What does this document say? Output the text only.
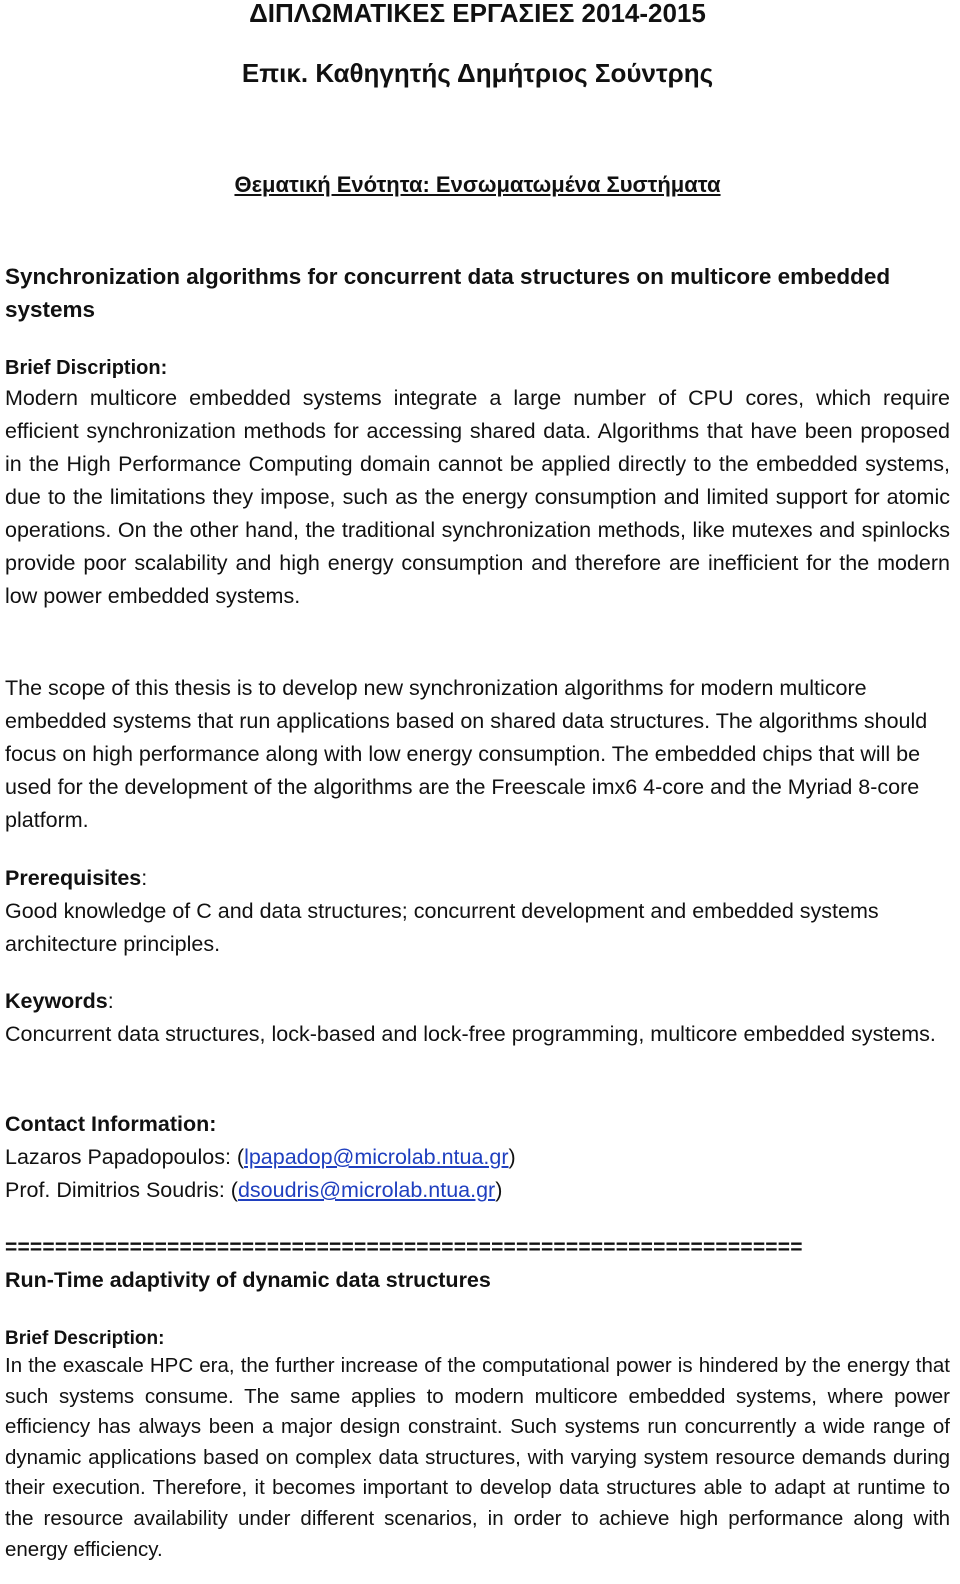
ΔΙΠΛΩΜΑΤΙΚΕΣ ΕΡΓΑΣΙΕΣ 2014-2015
Επικ. Καθηγητής Δημήτριος Σούντρης
Θεματική Ενότητα: Ενσωματωμένα Συστήματα
Synchronization algorithms for concurrent data structures on multicore embedded systems
Brief Discription:
Modern multicore embedded systems integrate a large number of CPU cores, which require efficient synchronization methods for accessing shared data. Algorithms that have been proposed in the High Performance Computing domain cannot be applied directly to the embedded systems, due to the limitations they impose, such as the energy consumption and limited support for atomic operations. On the other hand, the traditional synchronization methods, like mutexes and spinlocks provide poor scalability and high energy consumption and therefore are inefficient for the modern low power embedded systems.
The scope of this thesis is to develop new synchronization algorithms for modern multicore embedded systems that run applications based on shared data structures. The algorithms should focus on high performance along with low energy consumption. The embedded chips that will be used for the development of the algorithms are the Freescale imx6 4-core and the Myriad 8-core platform.
Prerequisites:
Good knowledge of C and data structures; concurrent development and embedded systems architecture principles.
Keywords:
Concurrent data structures, lock-based and lock-free programming, multicore embedded systems.
Contact Information:
Lazaros Papadopoulos: (lpapadop@microlab.ntua.gr)
Prof. Dimitrios Soudris: (dsoudris@microlab.ntua.gr)
================================================================
Run-Time adaptivity of dynamic data structures
Brief Description:
In the exascale HPC era, the further increase of the computational power is hindered by the energy that such systems consume. The same applies to modern multicore embedded systems, where power efficiency has always been a major design constraint. Such systems run concurrently a wide range of dynamic applications based on complex data structures, with varying system resource demands during their execution. Therefore, it becomes important to develop data structures able to adapt at runtime to the resource availability under different scenarios, in order to achieve high performance along with energy efficiency.
